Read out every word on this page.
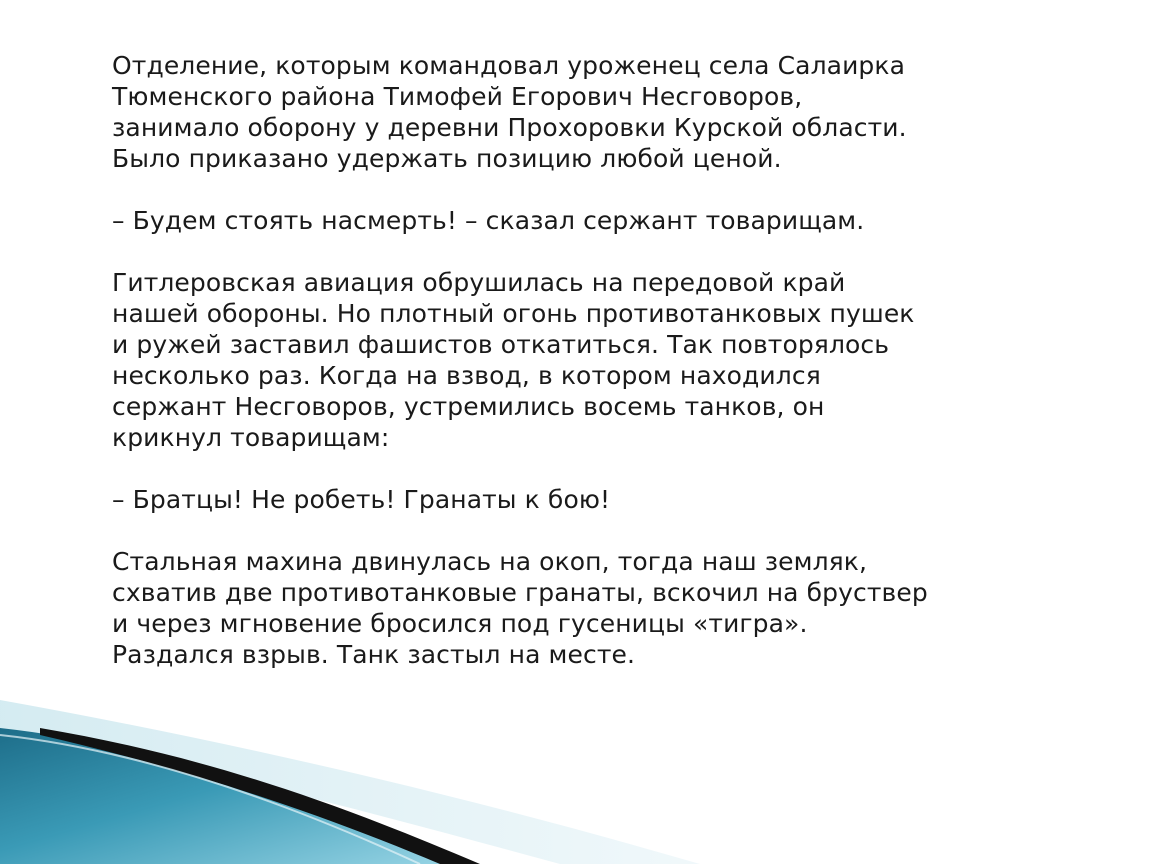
Отделение, которым командовал уроженец села Салаирка
Тюменского района Тимофей Егорович Несговоров,
занимало оборону у деревни Прохоровки Курской области.
Было приказано удержать позицию любой ценой.

– Будем стоять насмерть! – сказал сержант товарищам.

Гитлеровская авиация обрушилась на передовой край
нашей обороны. Но плотный огонь противотанковых пушек
и ружей заставил фашистов откатиться. Так повторялось
несколько раз. Когда на взвод, в котором находился
сержант Несговоров, устремились восемь танков, он
крикнул товарищам:

– Братцы! Не робеть! Гранаты к бою!

Стальная махина двинулась на окоп, тогда наш земляк,
схватив две противотанковые гранаты, вскочил на бруствер
и через мгновение бросился под гусеницы «тигра».
Раздался взрыв. Танк застыл на месте.
